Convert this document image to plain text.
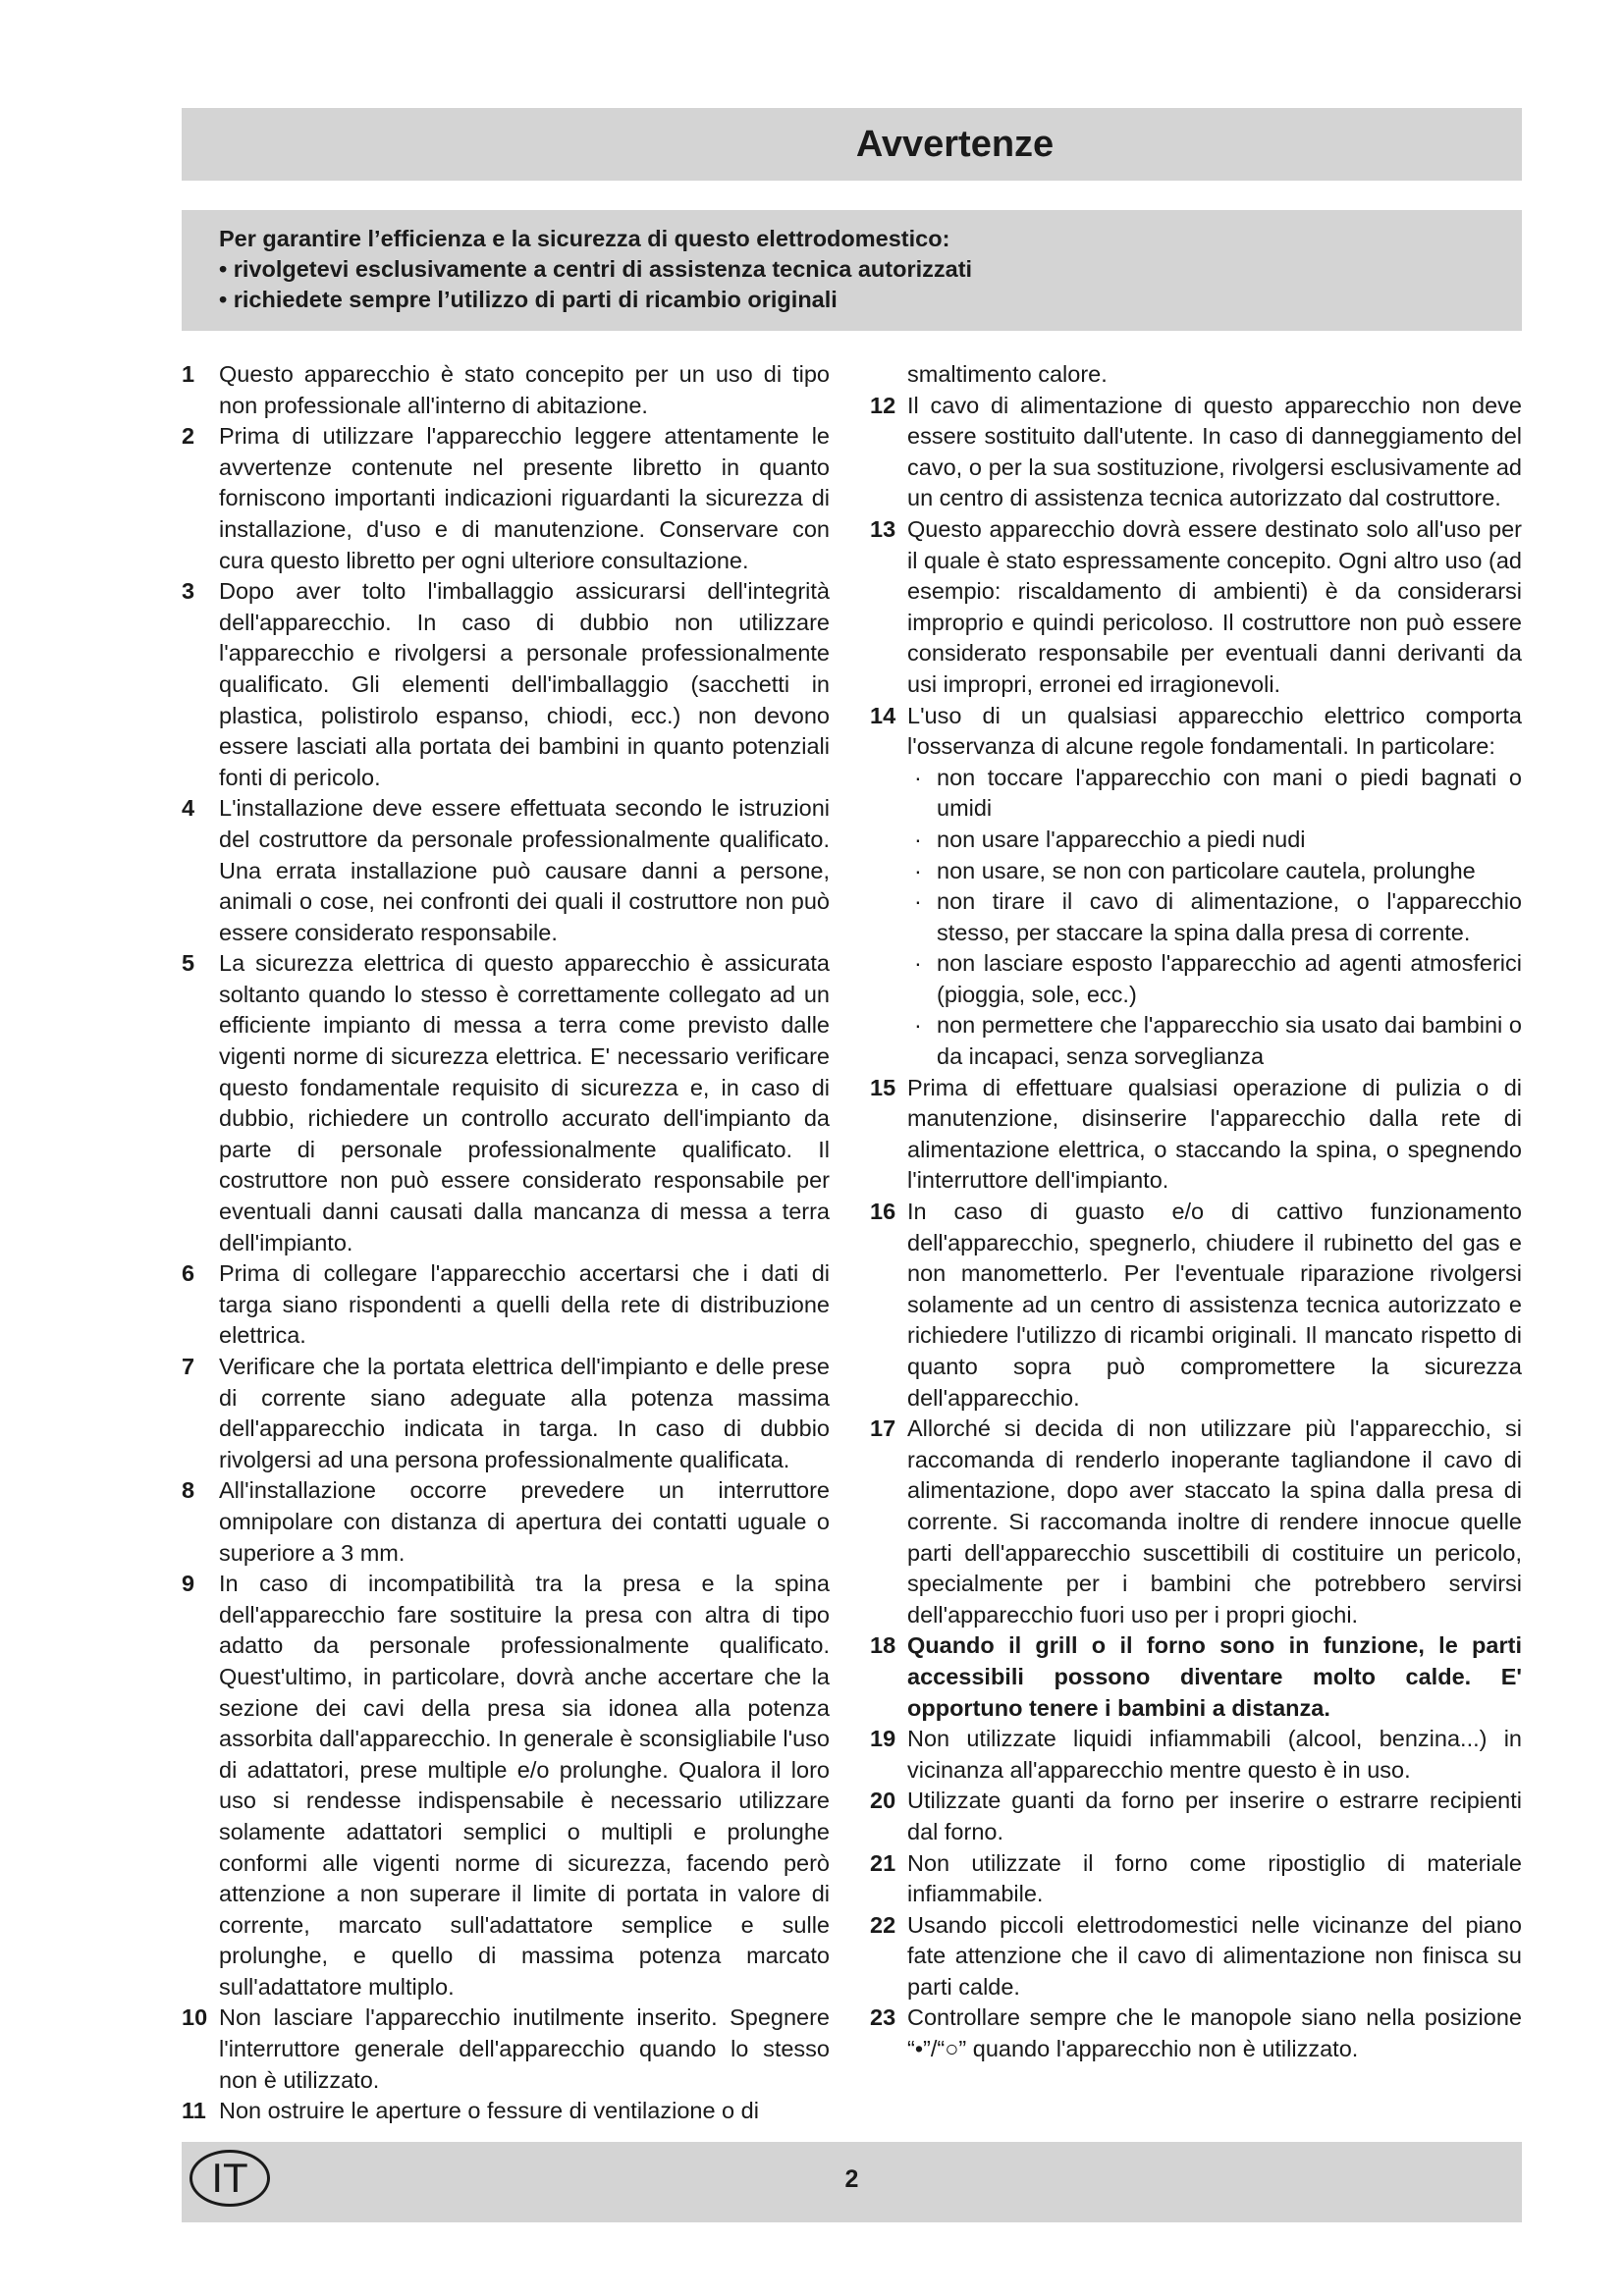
Avvertenze
Per garantire l’efficienza e la sicurezza di questo elettrodomestico:
• rivolgetevi esclusivamente a centri di assistenza tecnica autorizzati
• richiedete sempre l’utilizzo di parti di ricambio originali
1 Questo apparecchio è stato concepito per un uso di tipo non professionale all'interno di abitazione.
2 Prima di utilizzare l'apparecchio leggere attentamente le avvertenze contenute nel presente libretto in quanto forniscono importanti indicazioni riguardanti la sicurezza di installazione, d'uso e di manutenzione. Conservare con cura questo libretto per ogni ulteriore consultazione.
3 Dopo aver tolto l'imballaggio assicurarsi dell'integrità dell'apparecchio. In caso di dubbio non utilizzare l'apparecchio e rivolgersi a personale professionalmente qualificato. Gli elementi dell'imballaggio (sacchetti in plastica, polistirolo espanso, chiodi, ecc.) non devono essere lasciati alla portata dei bambini in quanto potenziali fonti di pericolo.
4 L'installazione deve essere effettuata secondo le istruzioni del costruttore da personale professionalmente qualificato. Una errata installazione può causare danni a persone, animali o cose, nei confronti dei quali il costruttore non può essere considerato responsabile.
5 La sicurezza elettrica di questo apparecchio è assicurata soltanto quando lo stesso è correttamente collegato ad un efficiente impianto di messa a terra come previsto dalle vigenti norme di sicurezza elettrica. E' necessario verificare questo fondamentale requisito di sicurezza e, in caso di dubbio, richiedere un controllo accurato dell'impianto da parte di personale professionalmente qualificato. Il costruttore non può essere considerato responsabile per eventuali danni causati dalla mancanza di messa a terra dell'impianto.
6 Prima di collegare l'apparecchio accertarsi che i dati di targa siano rispondenti a quelli della rete di distribuzione elettrica.
7 Verificare che la portata elettrica dell'impianto e delle prese di corrente siano adeguate alla potenza massima dell'apparecchio indicata in targa. In caso di dubbio rivolgersi ad una persona professionalmente qualificata.
8 All'installazione occorre prevedere un interruttore omnipolare con distanza di apertura dei contatti uguale o superiore a 3 mm.
9 In caso di incompatibilità tra la presa e la spina dell'apparecchio fare sostituire la presa con altra di tipo adatto da personale professionalmente qualificato. Quest'ultimo, in particolare, dovrà anche accertare che la sezione dei cavi della presa sia idonea alla potenza assorbita dall'apparecchio. In generale è sconsigliabile l'uso di adattatori, prese multiple e/o prolunghe. Qualora il loro uso si rendesse indispensabile è necessario utilizzare solamente adattatori semplici o multipli e prolunghe conformi alle vigenti norme di sicurezza, facendo però attenzione a non superare il limite di portata in valore di corrente, marcato sull'adattatore semplice e sulle prolunghe, e quello di massima potenza marcato sull'adattatore multiplo.
10 Non lasciare l'apparecchio inutilmente inserito. Spegnere l'interruttore generale dell'apparecchio quando lo stesso non è utilizzato.
11 Non ostruire le aperture o fessure di ventilazione o di
smaltimento calore.
12 Il cavo di alimentazione di questo apparecchio non deve essere sostituito dall'utente. In caso di danneggiamento del cavo, o per la sua sostituzione, rivolgersi esclusivamente ad un centro di assistenza tecnica autorizzato dal costruttore.
13 Questo apparecchio dovrà essere destinato solo all'uso per il quale è stato espressamente concepito. Ogni altro uso (ad esempio: riscaldamento di ambienti) è da considerarsi improprio e quindi pericoloso. Il costruttore non può essere considerato responsabile per eventuali danni derivanti da usi impropri, erronei ed irragionevoli.
14 L'uso di un qualsiasi apparecchio elettrico comporta l'osservanza di alcune regole fondamentali. In particolare:
· non toccare l'apparecchio con mani o piedi bagnati o umidi
· non usare l'apparecchio a piedi nudi
· non usare, se non con particolare cautela, prolunghe
· non tirare il cavo di alimentazione, o l'apparecchio stesso, per staccare la spina dalla presa di corrente.
· non lasciare esposto l'apparecchio ad agenti atmosferici (pioggia, sole, ecc.)
· non permettere che l'apparecchio sia usato dai bambini o da incapaci, senza sorveglianza
15 Prima di effettuare qualsiasi operazione di pulizia o di manutenzione, disinserire l'apparecchio dalla rete di alimentazione elettrica, o staccando la spina, o spegnendo l'interruttore dell'impianto.
16 In caso di guasto e/o di cattivo funzionamento dell'apparecchio, spegnerlo, chiudere il rubinetto del gas e non manometterlo. Per l'eventuale riparazione rivolgersi solamente ad un centro di assistenza tecnica autorizzato e richiedere l'utilizzo di ricambi originali. Il mancato rispetto di quanto sopra può compromettere la sicurezza dell'apparecchio.
17 Allorché si decida di non utilizzare più l'apparecchio, si raccomanda di renderlo inoperante tagliandone il cavo di alimentazione, dopo aver staccato la spina dalla presa di corrente. Si raccomanda inoltre di rendere innocue quelle parti dell'apparecchio suscettibili di costituire un pericolo, specialmente per i bambini che potrebbero servirsi dell'apparecchio fuori uso per i propri giochi.
18 Quando il grill o il forno sono in funzione, le parti accessibili possono diventare molto calde. E' opportuno tenere i bambini a distanza.
19 Non utilizzate liquidi infiammabili (alcool, benzina...) in vicinanza all'apparecchio mentre questo è in uso.
20 Utilizzate guanti da forno per inserire o estrarre recipienti dal forno.
21 Non utilizzate il forno come ripostiglio di materiale infiammabile.
22 Usando piccoli elettrodomestici nelle vicinanze del piano fate attenzione che il cavo di alimentazione non finisca su parti calde.
23 Controllare sempre che le manopole siano nella posizione “•”/“○” quando l'apparecchio non è utilizzato.
IT	2
